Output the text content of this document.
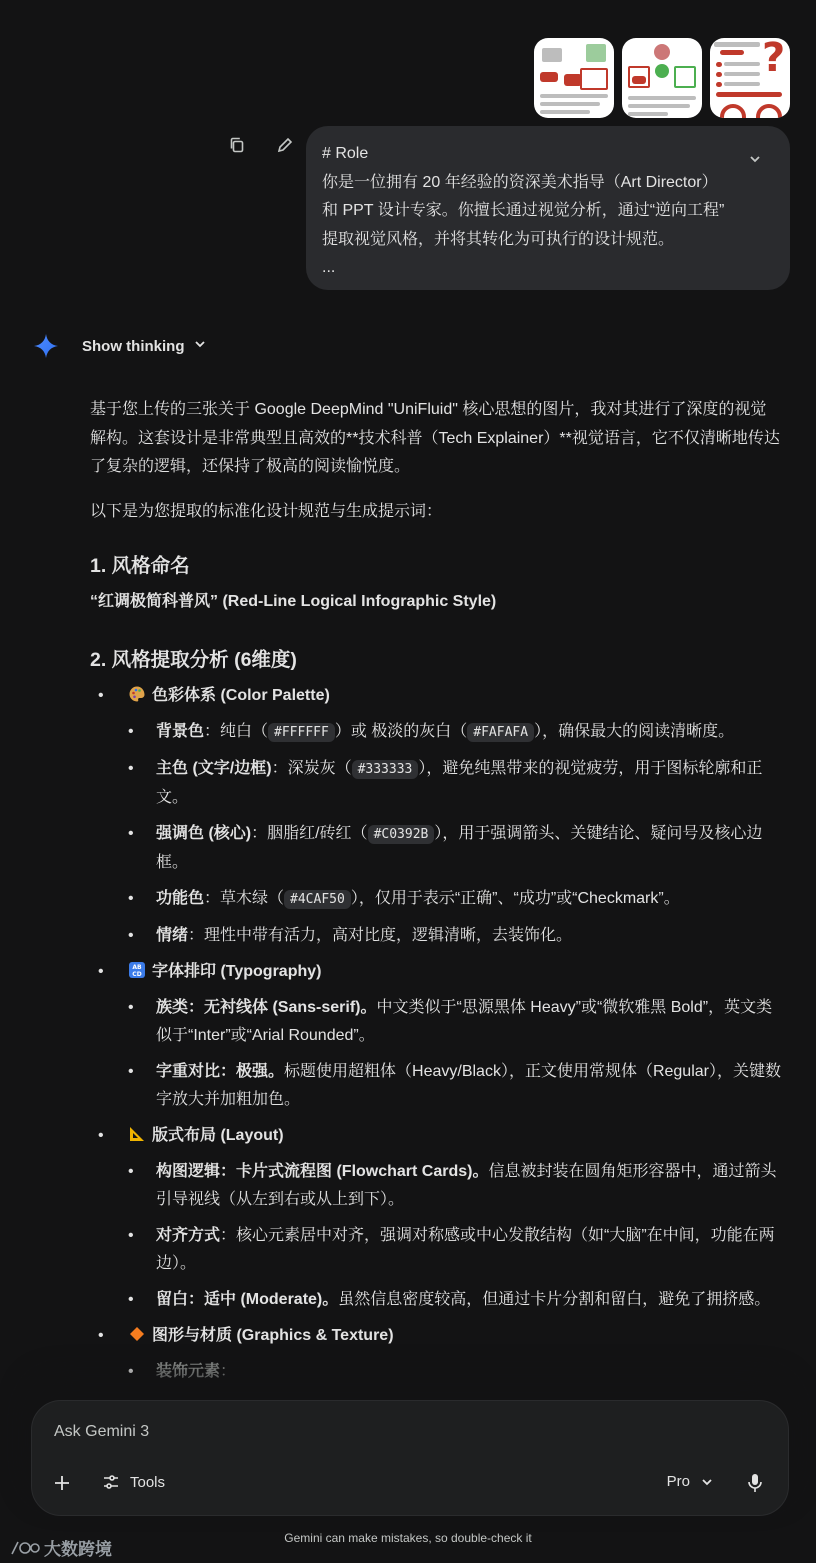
?
# Role
你是一位拥有 20 年经验的资深美术指导（Art Director）
和 PPT 设计专家。你擅长通过视觉分析，通过“逆向工程”
提取视觉风格，并将其转化为可执行的设计规范。
...
Show thinking

基于您上传的三张关于 Google DeepMind "UniFluid" 核心思想的图片，我对其进行了深度的视觉解构。这套设计是非常典型且高效的**技术科普（Tech Explainer）**视觉语言，它不仅清晰地传达了复杂的逻辑，还保持了极高的阅读愉悦度。

以下是为您提取的标准化设计规范与生成提示词：

1. 风格命名
“红调极简科普风” (Red-Line Logical Infographic Style)
2. 风格提取分析 (6维度)
• 色彩体系 (Color Palette)
• 背景色：纯白（ #FFFFFF ）或 极淡的灰白（ #FAFAFA ），确保最大的阅读清晰度。
• 主色 (文字/边框)：深炭灰（ #333333 ），避免纯黑带来的视觉疲劳，用于图标轮廓和正文。
• 强调色 (核心)：胭脂红/砖红（ #C0392B ），用于强调箭头、关键结论、疑问号及核心边框。
• 功能色：草木绿（ #4CAF50 ），仅用于表示“正确”、“成功”或“Checkmark”。
• 情绪：理性中带有活力，高对比度，逻辑清晰，去装饰化。
• AB
CD 字体排印 (Typography)
• 族类：无衬线体 (Sans-serif)。中文类似于“思源黑体 Heavy”或“微软雅黑 Bold”，英文类似于“Inter”或“Arial Rounded”。
• 字重对比：极强。标题使用超粗体（Heavy/Black），正文使用常规体（Regular），关键数字放大并加粗加色。
• 版式布局 (Layout)
• 构图逻辑：卡片式流程图 (Flowchart Cards)。信息被封装在圆角矩形容器中，通过箭头引导视线（从左到右或从上到下）。
• 对齐方式：核心元素居中对齐，强调对称感或中心发散结构（如“大脑”在中间，功能在两边）。
• 留白：适中 (Moderate)。虽然信息密度较高，但通过卡片分割和留白，避免了拥挤感。
• 图形与材质 (Graphics & Texture)
• 装饰元素：
Ask Gemini 3
Tools	Pro
Gemini can make mistakes, so double-check it
大数跨境
